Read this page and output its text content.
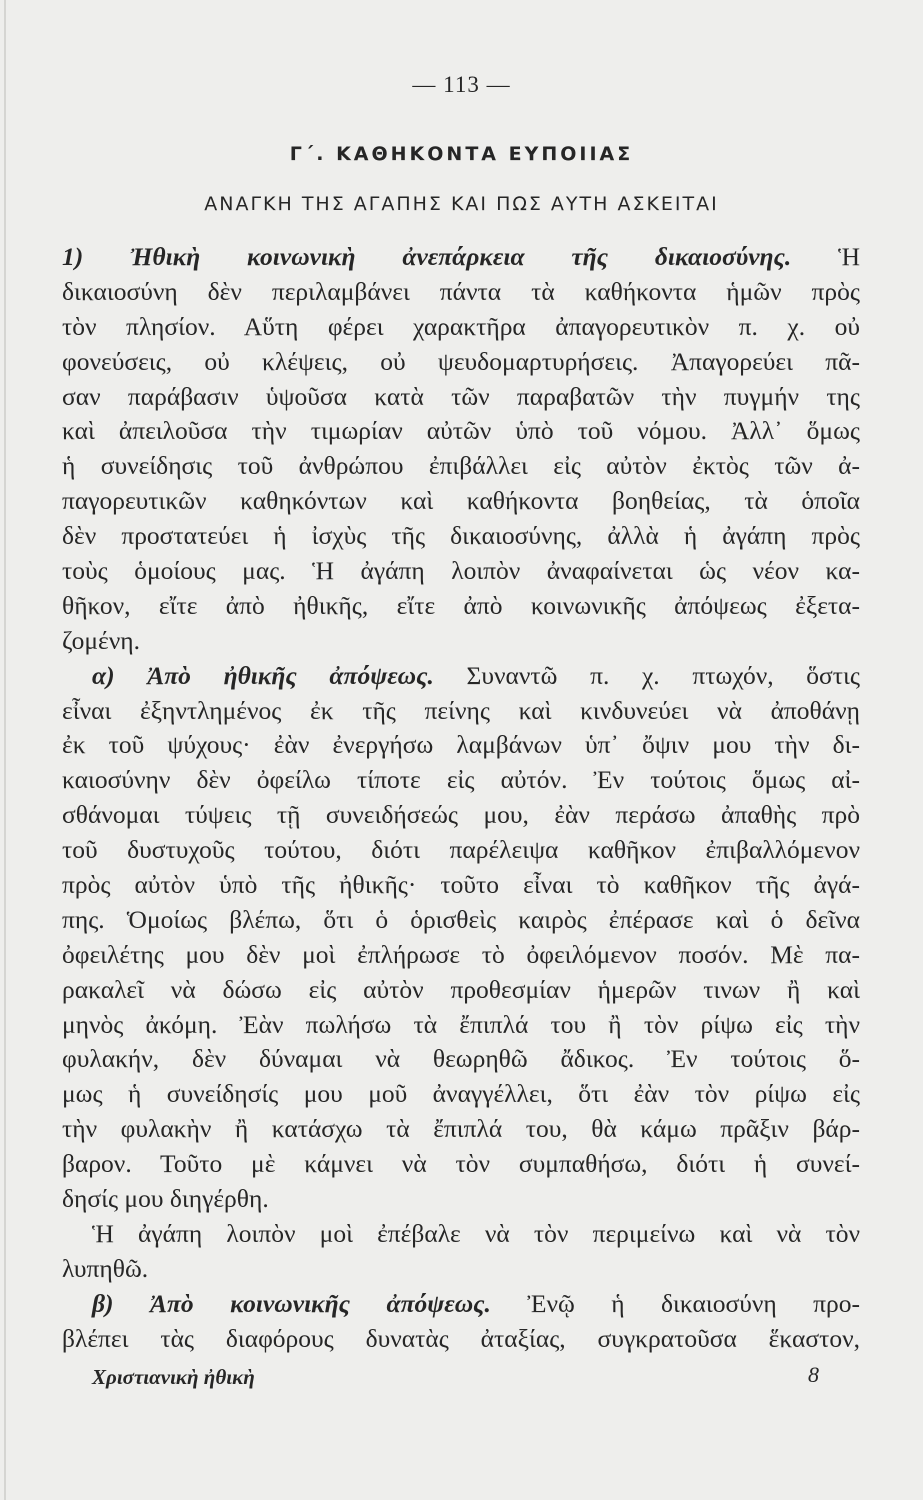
— 113 —
Γ΄. ΚΑΘΗΚΟΝΤΑ ΕΥΠΟΙΙΑΣ
ΑΝΑΓΚΗ ΤΗΣ ΑΓΑΠΗΣ ΚΑΙ ΠΩΣ ΑΥΤΗ ΑΣΚΕΙΤΑΙ
1) Ἠθικὴ κοινωνικὴ ἀνεπάρκεια τῆς δικαιοσύνης. Ἡ
δικαιοσύνη δὲν περιλαμβάνει πάντα τὰ καθήκοντα ἡμῶν πρὸς
τὸν πλησίον. Αὕτη φέρει χαρακτῆρα ἀπαγορευτικὸν π. χ. οὐ
φονεύσεις, οὐ κλέψεις, οὐ ψευδομαρτυρήσεις. Ἀπαγορεύει πᾶ-
σαν παράβασιν ὑψοῦσα κατὰ τῶν παραβατῶν τὴν πυγμήν της
καὶ ἀπειλοῦσα τὴν τιμωρίαν αὐτῶν ὑπὸ τοῦ νόμου. Ἀλλ᾿ ὅμως
ἡ συνείδησις τοῦ ἀνθρώπου ἐπιβάλλει εἰς αὐτὸν ἐκτὸς τῶν ἀ-
παγορευτικῶν καθηκόντων καὶ καθήκοντα βοηθείας, τὰ ὁποῖα
δὲν προστατεύει ἡ ἰσχὺς τῆς δικαιοσύνης, ἀλλὰ ἡ ἀγάπη πρὸς
τοὺς ὁμοίους μας. Ἡ ἀγάπη λοιπὸν ἀναφαίνεται ὡς νέον κα-
θῆκον, εἴτε ἀπὸ ἠθικῆς, εἴτε ἀπὸ κοινωνικῆς ἀπόψεως ἐξετα-
ζομένη.
α) Ἀπὸ ἠθικῆς ἀπόψεως. Συναντῶ π. χ. πτωχόν, ὅστις
εἶναι ἐξηντλημένος ἐκ τῆς πείνης καὶ κινδυνεύει νὰ ἀποθάνῃ
ἐκ τοῦ ψύχους· ἐὰν ἐνεργήσω λαμβάνων ὑπ᾿ ὄψιν μου τὴν δι-
καιοσύνην δὲν ὀφείλω τίποτε εἰς αὐτόν. Ἐν τούτοις ὅμως αἰ-
σθάνομαι τύψεις τῇ συνειδήσεώς μου, ἐὰν περάσω ἀπαθὴς πρὸ
τοῦ δυστυχοῦς τούτου, διότι παρέλειψα καθῆκον ἐπιβαλλόμενον
πρὸς αὐτὸν ὑπὸ τῆς ἠθικῆς· τοῦτο εἶναι τὸ καθῆκον τῆς ἀγά-
πης. Ὁμοίως βλέπω, ὅτι ὁ ὁρισθεὶς καιρὸς ἐπέρασε καὶ ὁ δεῖνα
ὀφειλέτης μου δὲν μοὶ ἐπλήρωσε τὸ ὀφειλόμενον ποσόν. Μὲ πα-
ρακαλεῖ νὰ δώσω εἰς αὐτὸν προθεσμίαν ἡμερῶν τινων ἢ καὶ
μηνὸς ἀκόμη. Ἐὰν πωλήσω τὰ ἔπιπλά του ἢ τὸν ρίψω εἰς τὴν
φυλακήν, δὲν δύναμαι νὰ θεωρηθῶ ἄδικος. Ἐν τούτοις ὅ-
μως ἡ συνείδησίς μου μοῦ ἀναγγέλλει, ὅτι ἐὰν τὸν ρίψω εἰς
τὴν φυλακὴν ἢ κατάσχω τὰ ἔπιπλά του, θὰ κάμω πρᾶξιν βάρ-
βαρον. Τοῦτο μὲ κάμνει νὰ τὸν συμπαθήσω, διότι ἡ συνεί-
δησίς μου διηγέρθη.
Ἡ ἀγάπη λοιπὸν μοὶ ἐπέβαλε νὰ τὸν περιμείνω καὶ νὰ τὸν
λυπηθῶ.
β) Ἀπὸ κοινωνικῆς ἀπόψεως. Ἐνῷ ἡ δικαιοσύνη προ-
βλέπει τὰς διαφόρους δυνατὰς ἀταξίας, συγκρατοῦσα ἕκαστον,
Χριστιανικὴ ἠθικὴ	8
